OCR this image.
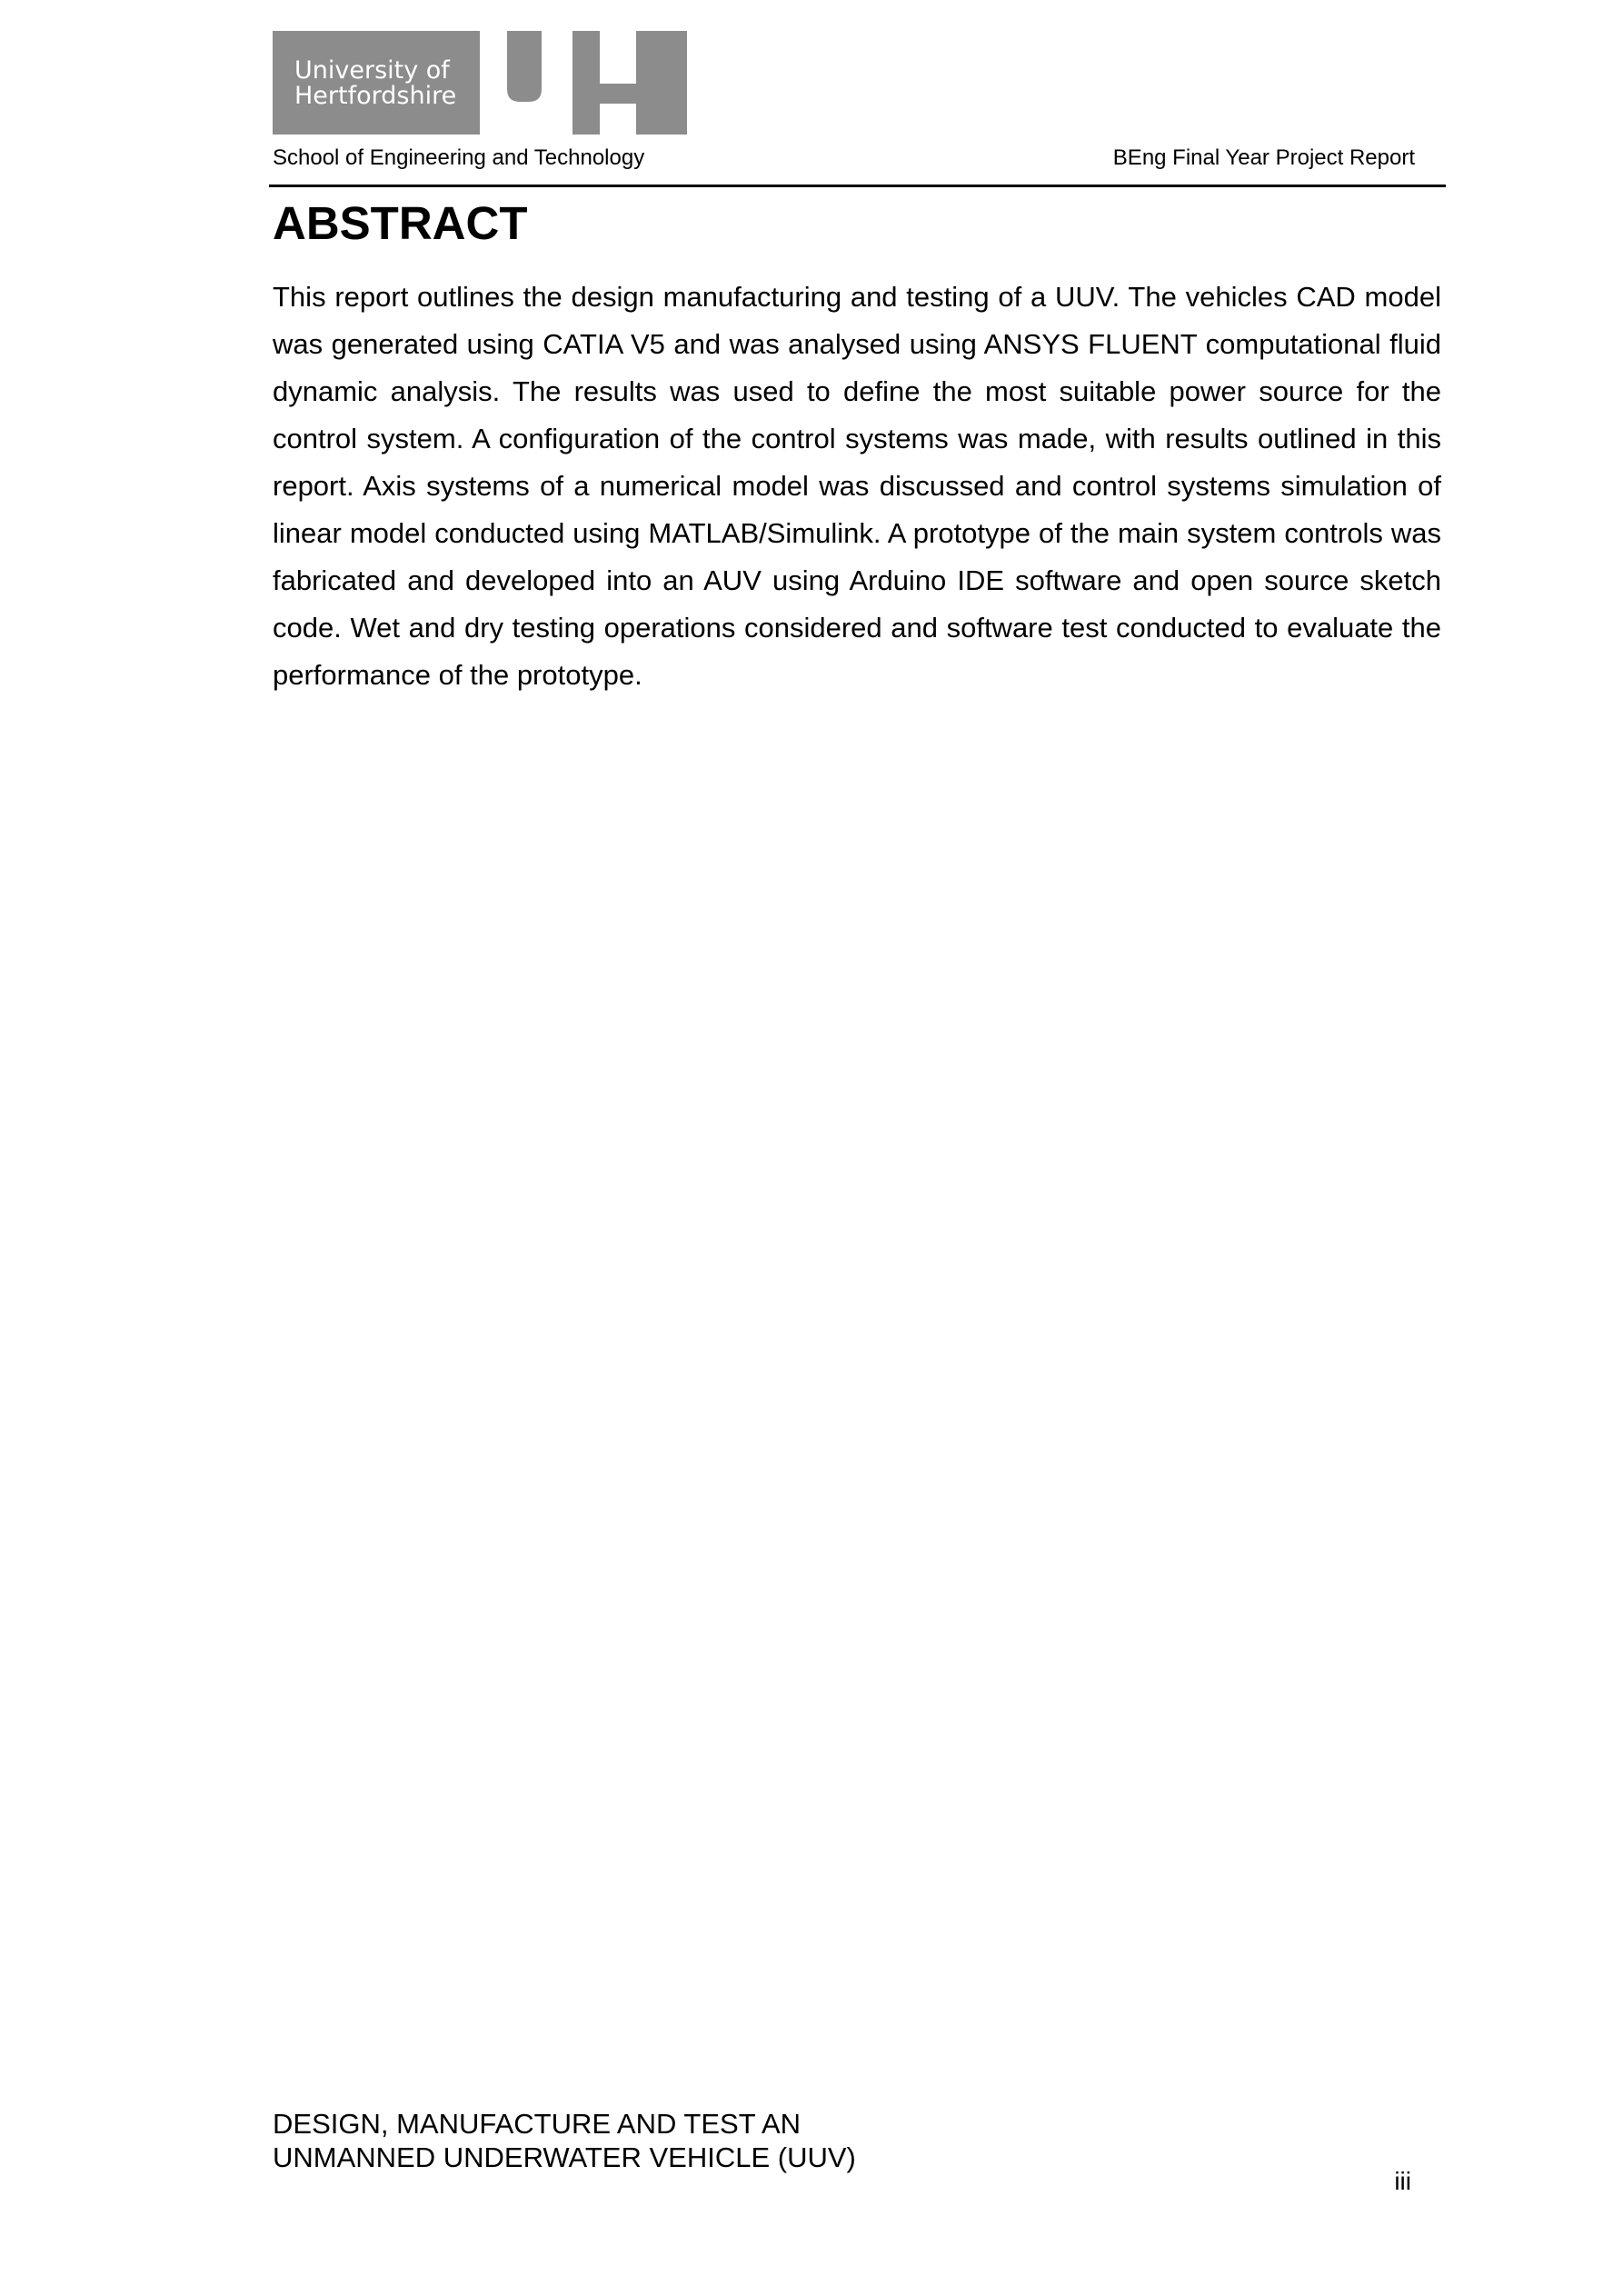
University of
Hertfordshire
School of Engineering and Technology	BEng Final Year Project Report
ABSTRACT

This report outlines the design manufacturing and testing of a UUV. The vehicles CAD model was generated using CATIA V5 and was analysed using ANSYS FLUENT computational fluid dynamic analysis. The results was used to define the most suitable power source for the control system. A configuration of the control systems was made, with results outlined in this report. Axis systems of a numerical model was discussed and control systems simulation of linear model conducted using MATLAB/Simulink. A prototype of the main system controls was fabricated and developed into an AUV using Arduino IDE software and open source sketch code. Wet and dry testing operations considered and software test conducted to evaluate the performance of the prototype.

DESIGN, MANUFACTURE AND TEST AN
UNMANNED UNDERWATER VEHICLE (UUV)
iii
